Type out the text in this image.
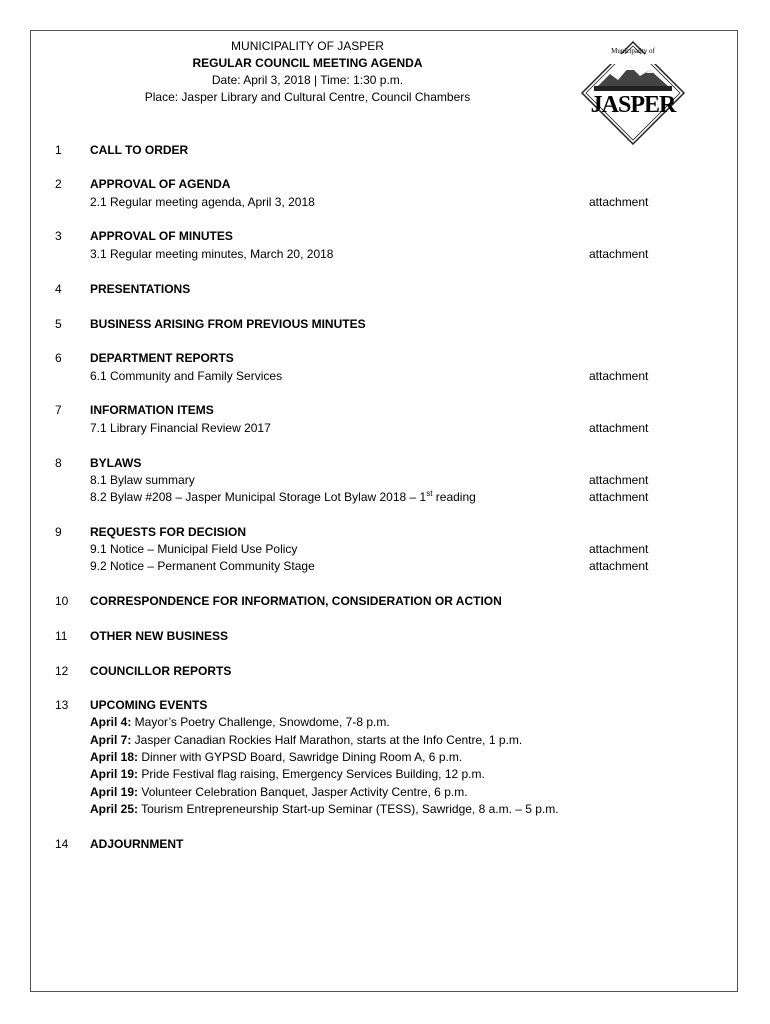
MUNICIPALITY OF JASPER
REGULAR COUNCIL MEETING AGENDA
Date: April 3, 2018 | Time: 1:30 p.m.
Place: Jasper Library and Cultural Centre, Council Chambers
Municipality of
JASPER
1	CALL TO ORDER
2	APPROVAL OF AGENDA
2.1 Regular meeting agenda, April 3, 2018	attachment
3	APPROVAL OF MINUTES
3.1 Regular meeting minutes, March 20, 2018	attachment
4	PRESENTATIONS
5	BUSINESS ARISING FROM PREVIOUS MINUTES
6	DEPARTMENT REPORTS
6.1 Community and Family Services	attachment
7	INFORMATION ITEMS
7.1 Library Financial Review 2017	attachment
8	BYLAWS
8.1 Bylaw summary	attachment
8.2 Bylaw #208 – Jasper Municipal Storage Lot Bylaw 2018 – 1st reading	attachment
9	REQUESTS FOR DECISION
9.1 Notice – Municipal Field Use Policy	attachment
9.2 Notice – Permanent Community Stage	attachment
10	CORRESPONDENCE FOR INFORMATION, CONSIDERATION OR ACTION
11	OTHER NEW BUSINESS
12	COUNCILLOR REPORTS
13	UPCOMING EVENTS
April 4: Mayor’s Poetry Challenge, Snowdome, 7-8 p.m.
April 7: Jasper Canadian Rockies Half Marathon, starts at the Info Centre, 1 p.m.
April 18: Dinner with GYPSD Board, Sawridge Dining Room A, 6 p.m.
April 19: Pride Festival flag raising, Emergency Services Building, 12 p.m.
April 19: Volunteer Celebration Banquet, Jasper Activity Centre, 6 p.m.
April 25: Tourism Entrepreneurship Start-up Seminar (TESS), Sawridge, 8 a.m. – 5 p.m.
14	ADJOURNMENT
